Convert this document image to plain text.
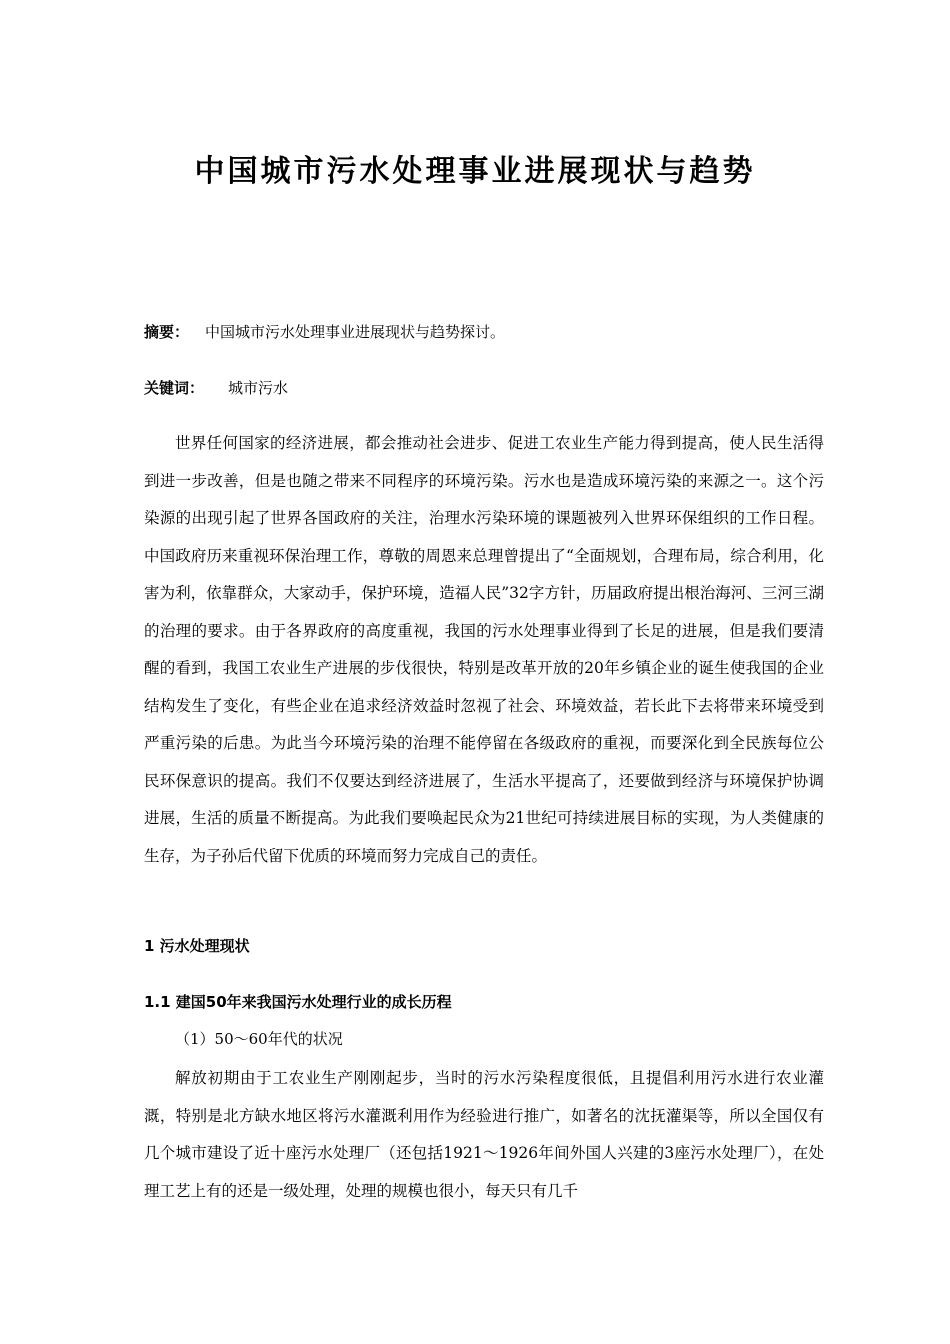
中国城市污水处理事业进展现状与趋势
摘要： 中国城市污水处理事业进展现状与趋势探讨。
关键词： 城市污水

世界任何国家的经济进展，都会推动社会进步、促进工农业生产能力得到提高，使人民生活得到进一步改善，但是也随之带来不同程序的环境污染。污水也是造成环境污染的来源之一。这个污染源的出现引起了世界各国政府的关注，治理水污染环境的课题被列入世界环保组织的工作日程。中国政府历来重视环保治理工作，尊敬的周恩来总理曾提出了“全面规划，合理布局，综合利用，化害为利，依靠群众，大家动手，保护环境，造福人民”32字方针，历届政府提出根治海河、三河三湖的治理的要求。由于各界政府的高度重视，我国的污水处理事业得到了长足的进展，但是我们要清醒的看到，我国工农业生产进展的步伐很快，特别是改革开放的20年乡镇企业的诞生使我国的企业结构发生了变化，有些企业在追求经济效益时忽视了社会、环境效益，若长此下去将带来环境受到严重污染的后患。为此当今环境污染的治理不能停留在各级政府的重视，而要深化到全民族每位公民环保意识的提高。我们不仅要达到经济进展了，生活水平提高了，还要做到经济与环境保护协调进展，生活的质量不断提高。为此我们要唤起民众为21世纪可持续进展目标的实现，为人类健康的生存，为子孙后代留下优质的环境而努力完成自己的责任。

1 污水处理现状
1.1 建国50年来我国污水处理行业的成长历程
（1）50～60年代的状况

解放初期由于工农业生产刚刚起步，当时的污水污染程度很低，且提倡利用污水进行农业灌溉，特别是北方缺水地区将污水灌溉利用作为经验进行推广，如著名的沈抚灌渠等，所以全国仅有几个城市建设了近十座污水处理厂（还包括1921～1926年间外国人兴建的3座污水处理厂），在处理工艺上有的还是一级处理，处理的规模也很小，每天只有几千
